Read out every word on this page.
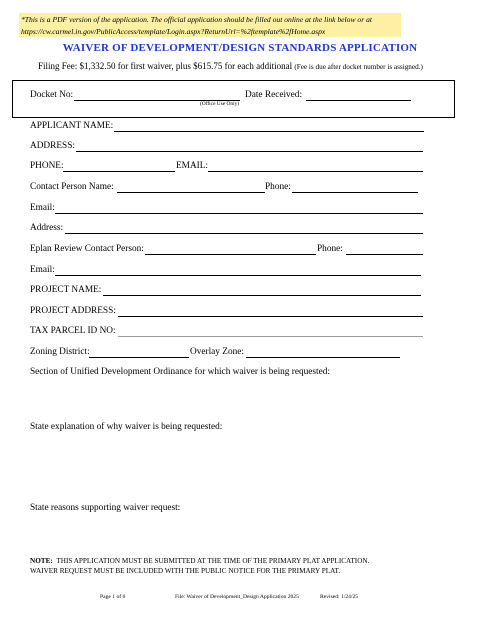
*This is a PDF version of the application. The official application should be filled out online at the link below or at
https://cw.carmel.in.gov/PublicAccess/template/Login.aspx?ReturnUrl=%2ftemplate%2fHome.aspx
WAIVER OF DEVELOPMENT/DESIGN STANDARDS APPLICATION
Filing Fee: $1,332.50 for first waiver, plus $615.75 for each additional (Fee is due after docket number is assigned.)
Docket No:
(Office Use Only)
Date Received:
APPLICANT NAME:
ADDRESS:
PHONE:	EMAIL:
Contact Person Name:	Phone:
Email:
Address:
Eplan Review Contact Person:	Phone:
Email:
PROJECT NAME:
PROJECT ADDRESS:
TAX PARCEL ID NO:
Zoning District:	Overlay Zone:
Section of Unified Development Ordinance for which waiver is being requested:
State explanation of why waiver is being requested:
State reasons supporting waiver request:
NOTE: THIS APPLICATION MUST BE SUBMITTED AT THE TIME OF THE PRIMARY PLAT APPLICATION.
WAIVER REQUEST MUST BE INCLUDED WITH THE PUBLIC NOTICE FOR THE PRIMARY PLAT.
Page 1 of 6	File: Waiver of Development_Design Application 2025	Revised: 1/24/25
